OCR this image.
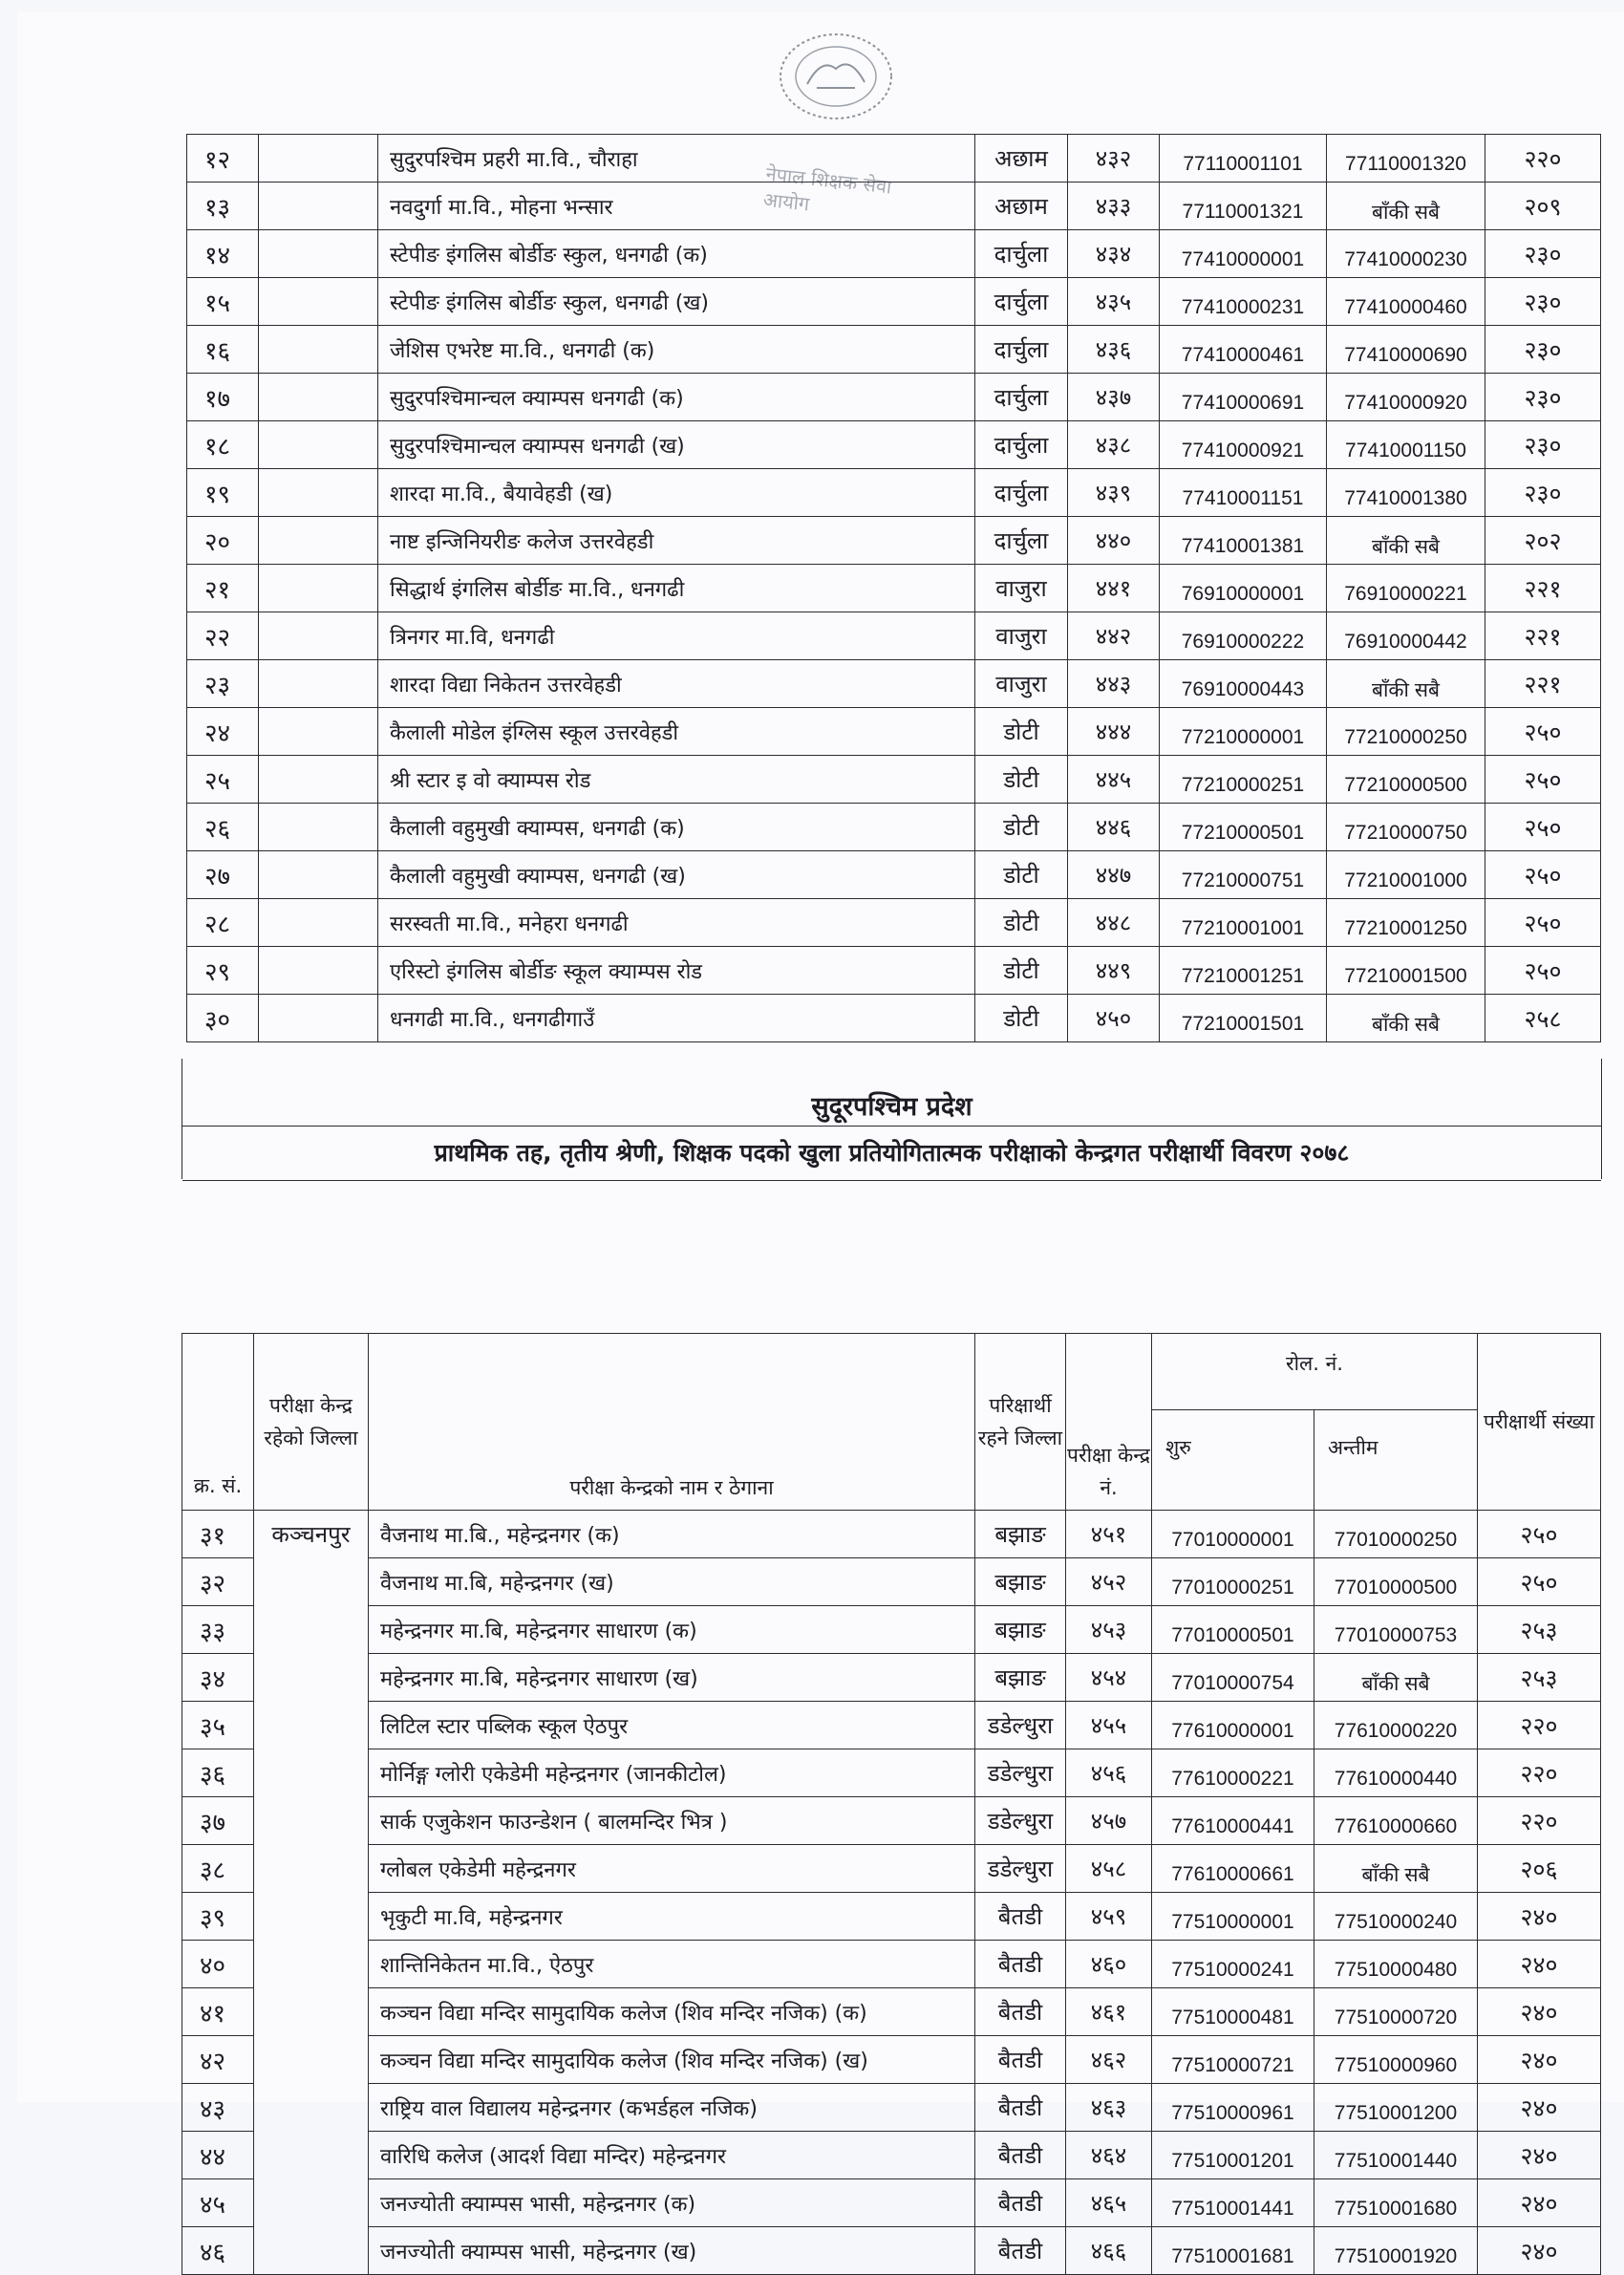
नेपाल शिक्षक सेवा आयोग
१२		सुदुरपश्चिम प्रहरी मा.वि., चौराहा	अछाम	४३२	77110001101	77110001320	२२०
१३		नवदुर्गा मा.वि., मोहना भन्सार	अछाम	४३३	77110001321	बाँकी सबै	२०९
१४		स्टेपीङ इंगलिस बोर्डीङ स्कुल, धनगढी (क)	दार्चुला	४३४	77410000001	77410000230	२३०
१५		स्टेपीङ इंगलिस बोर्डीङ स्कुल, धनगढी (ख)	दार्चुला	४३५	77410000231	77410000460	२३०
१६		जेशिस एभरेष्ट मा.वि., धनगढी (क)	दार्चुला	४३६	77410000461	77410000690	२३०
१७		सुदुरपश्चिमान्चल क्याम्पस धनगढी (क)	दार्चुला	४३७	77410000691	77410000920	२३०
१८		सुदुरपश्चिमान्चल क्याम्पस धनगढी (ख)	दार्चुला	४३८	77410000921	77410001150	२३०
१९		शारदा मा.वि., बैयावेहडी (ख)	दार्चुला	४३९	77410001151	77410001380	२३०
२०		नाष्ट इन्जिनियरीङ कलेज उत्तरवेहडी	दार्चुला	४४०	77410001381	बाँकी सबै	२०२
२१		सिद्धार्थ इंगलिस बोर्डीङ मा.वि., धनगढी	वाजुरा	४४१	76910000001	76910000221	२२१
२२		त्रिनगर मा.वि, धनगढी	वाजुरा	४४२	76910000222	76910000442	२२१
२३		शारदा विद्या निकेतन उत्तरवेहडी	वाजुरा	४४३	76910000443	बाँकी सबै	२२१
२४		कैलाली मोडेल इंग्लिस स्कूल उत्तरवेहडी	डोटी	४४४	77210000001	77210000250	२५०
२५		श्री स्टार इ वो क्याम्पस रोड	डोटी	४४५	77210000251	77210000500	२५०
२६		कैलाली वहुमुखी क्याम्पस, धनगढी (क)	डोटी	४४६	77210000501	77210000750	२५०
२७		कैलाली वहुमुखी क्याम्पस, धनगढी (ख)	डोटी	४४७	77210000751	77210001000	२५०
२८		सरस्वती मा.वि., मनेहरा धनगढी	डोटी	४४८	77210001001	77210001250	२५०
२९		एरिस्टो इंगलिस बोर्डीङ स्कूल क्याम्पस रोड	डोटी	४४९	77210001251	77210001500	२५०
३०		धनगढी मा.वि., धनगढीगाउँ	डोटी	४५०	77210001501	बाँकी सबै	२५८
सुदूरपश्चिम प्रदेश
प्राथमिक तह, तृतीय श्रेणी, शिक्षक पदको खुला प्रतियोगितात्मक परीक्षाको केन्द्रगत परीक्षार्थी विवरण २०७८
क्र. सं.	परीक्षा केन्द्र रहेको जिल्ला	परीक्षा केन्द्रको नाम र ठेगाना	परिक्षार्थी रहने जिल्ला	परीक्षा केन्द्र नं.	रोल. नं.		परीक्षार्थी संख्या
					शुरु	अन्तीम	
३१	कञ्चनपुर	वैजनाथ मा.बि., महेन्द्रनगर (क)	बझाङ	४५१	77010000001	77010000250	२५०
३२		वैजनाथ मा.बि, महेन्द्रनगर (ख)	बझाङ	४५२	77010000251	77010000500	२५०
३३		महेन्द्रनगर मा.बि, महेन्द्रनगर साधारण (क)	बझाङ	४५३	77010000501	77010000753	२५३
३४		महेन्द्रनगर मा.बि, महेन्द्रनगर साधारण (ख)	बझाङ	४५४	77010000754	बाँकी सबै	२५३
३५		लिटिल स्टार पब्लिक स्कूल ऐठपुर	डडेल्धुरा	४५५	77610000001	77610000220	२२०
३६		मोर्निङ्ग ग्लोरी एकेडेमी महेन्द्रनगर (जानकीटोल)	डडेल्धुरा	४५६	77610000221	77610000440	२२०
३७		सार्क एजुकेशन फाउन्डेशन ( बालमन्दिर भित्र )	डडेल्धुरा	४५७	77610000441	77610000660	२२०
३८		ग्लोबल एकेडेमी महेन्द्रनगर	डडेल्धुरा	४५८	77610000661	बाँकी सबै	२०६
३९		भृकुटी मा.वि, महेन्द्रनगर	बैतडी	४५९	77510000001	77510000240	२४०
४०		शान्तिनिकेतन मा.वि., ऐठपुर	बैतडी	४६०	77510000241	77510000480	२४०
४१		कञ्चन विद्या मन्दिर सामुदायिक कलेज (शिव मन्दिर नजिक) (क)	बैतडी	४६१	77510000481	77510000720	२४०
४२		कञ्चन विद्या मन्दिर सामुदायिक कलेज (शिव मन्दिर नजिक) (ख)	बैतडी	४६२	77510000721	77510000960	२४०
४३		राष्ट्रिय वाल विद्यालय महेन्द्रनगर (कभर्डहल नजिक)	बैतडी	४६३	77510000961	77510001200	२४०
४४		वारिधि कलेज (आदर्श विद्या मन्दिर) महेन्द्रनगर	बैतडी	४६४	77510001201	77510001440	२४०
४५		जनज्योती क्याम्पस भासी, महेन्द्रनगर (क)	बैतडी	४६५	77510001441	77510001680	२४०
४६		जनज्योती क्याम्पस भासी, महेन्द्रनगर (ख)	बैतडी	४६६	77510001681	77510001920	२४०
